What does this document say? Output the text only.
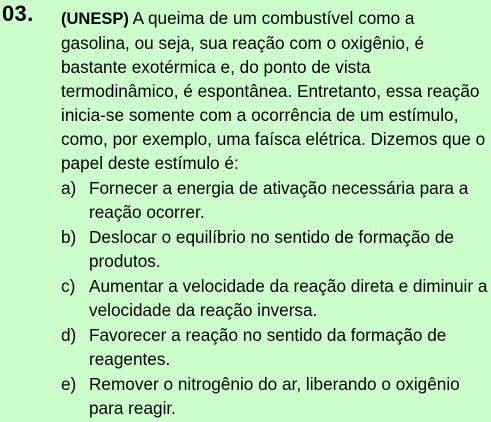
03. (UNESP) A queima de um combustível como a gasolina, ou seja, sua reação com o oxigênio, é bastante exotérmica e, do ponto de vista termodinâmico, é espontânea. Entretanto, essa reação inicia-se somente com a ocorrência de um estímulo, como, por exemplo, uma faísca elétrica. Dizemos que o papel deste estímulo é:

a) Fornecer a energia de ativação necessária para a reação ocorrer.
b) Deslocar o equilíbrio no sentido de formação de produtos.
c) Aumentar a velocidade da reação direta e diminuir a velocidade da reação inversa.
d) Favorecer a reação no sentido da formação de reagentes.
e) Remover o nitrogênio do ar, liberando o oxigênio para reagir.
